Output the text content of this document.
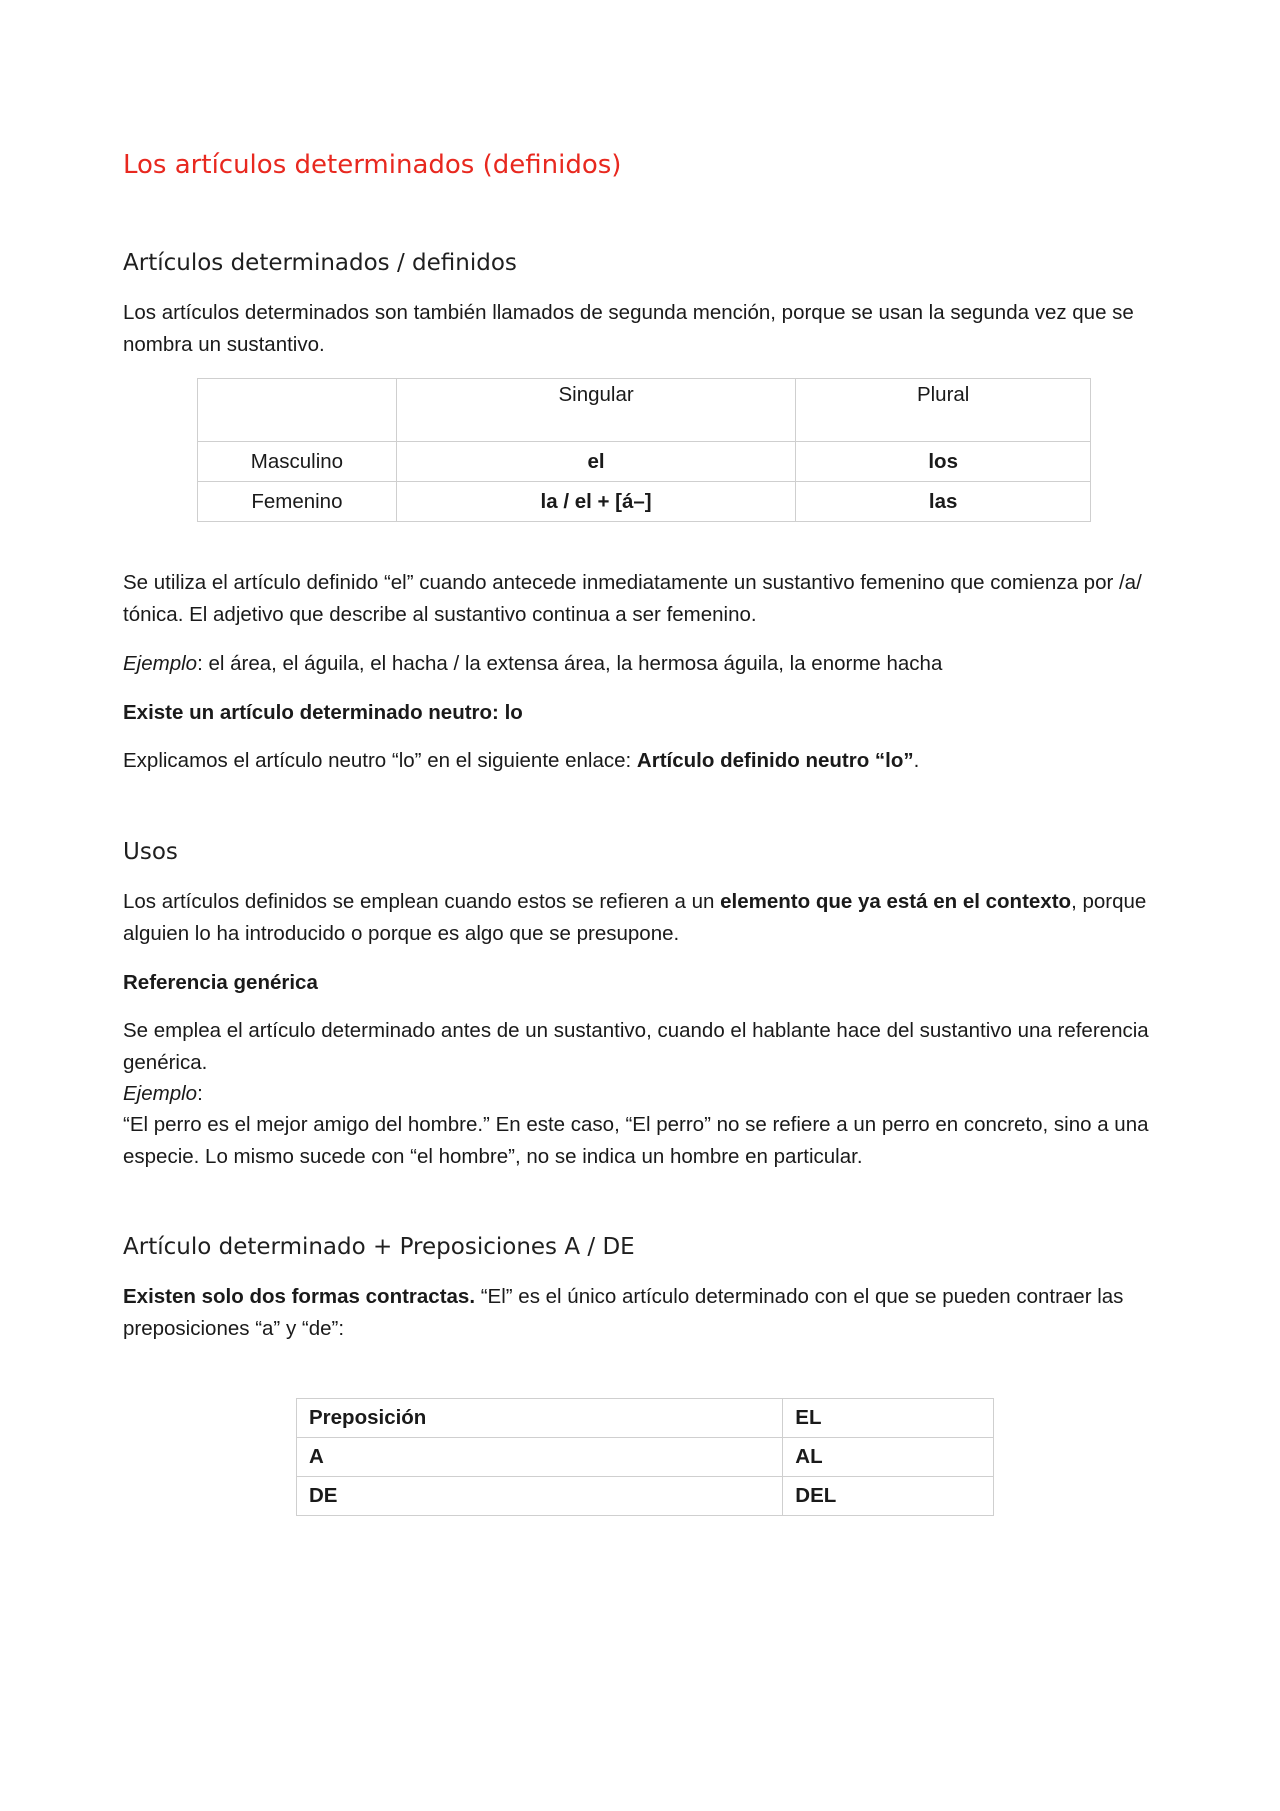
Los artículos determinados (definidos)
Artículos determinados / definidos

Los artículos determinados son también llamados de segunda mención, porque se usan la segunda vez que se nombra un sustantivo.

	Singular	Plural
Masculino	el	los
Femenino	la / el + [á–]	las

Se utiliza el artículo definido “el” cuando antecede inmediatamente un sustantivo femenino que comienza por /a/ tónica. El adjetivo que describe al sustantivo continua a ser femenino.

Ejemplo: el área, el águila, el hacha / la extensa área, la hermosa águila, la enorme hacha

Existe un artículo determinado neutro: lo

Explicamos el artículo neutro “lo” en el siguiente enlace: Artículo definido neutro “lo”.

Usos

Los artículos definidos se emplean cuando estos se refieren a un elemento que ya está en el contexto, porque alguien lo ha introducido o porque es algo que se presupone.

Referencia genérica

Se emplea el artículo determinado antes de un sustantivo, cuando el hablante hace del sustantivo una referencia genérica.

Ejemplo:

“El perro es el mejor amigo del hombre.” En este caso, “El perro” no se refiere a un perro en concreto, sino a una especie. Lo mismo sucede con “el hombre”, no se indica un hombre en particular.

Artículo determinado + Preposiciones A / DE

Existen solo dos formas contractas. “El” es el único artículo determinado con el que se pueden contraer las preposiciones “a” y “de”:

Preposición	EL
A	AL
DE	DEL
